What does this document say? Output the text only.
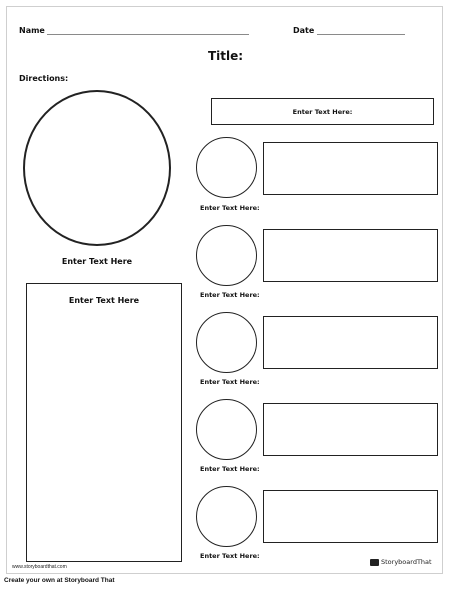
Name	Date
Title:
Directions:
Enter Text Here
Enter Text Here
Enter Text Here:
Enter Text Here:
Enter Text Here:
Enter Text Here:
Enter Text Here:
Enter Text Here:
www.storyboardthat.com
StoryboardThat
Create your own at Storyboard That
